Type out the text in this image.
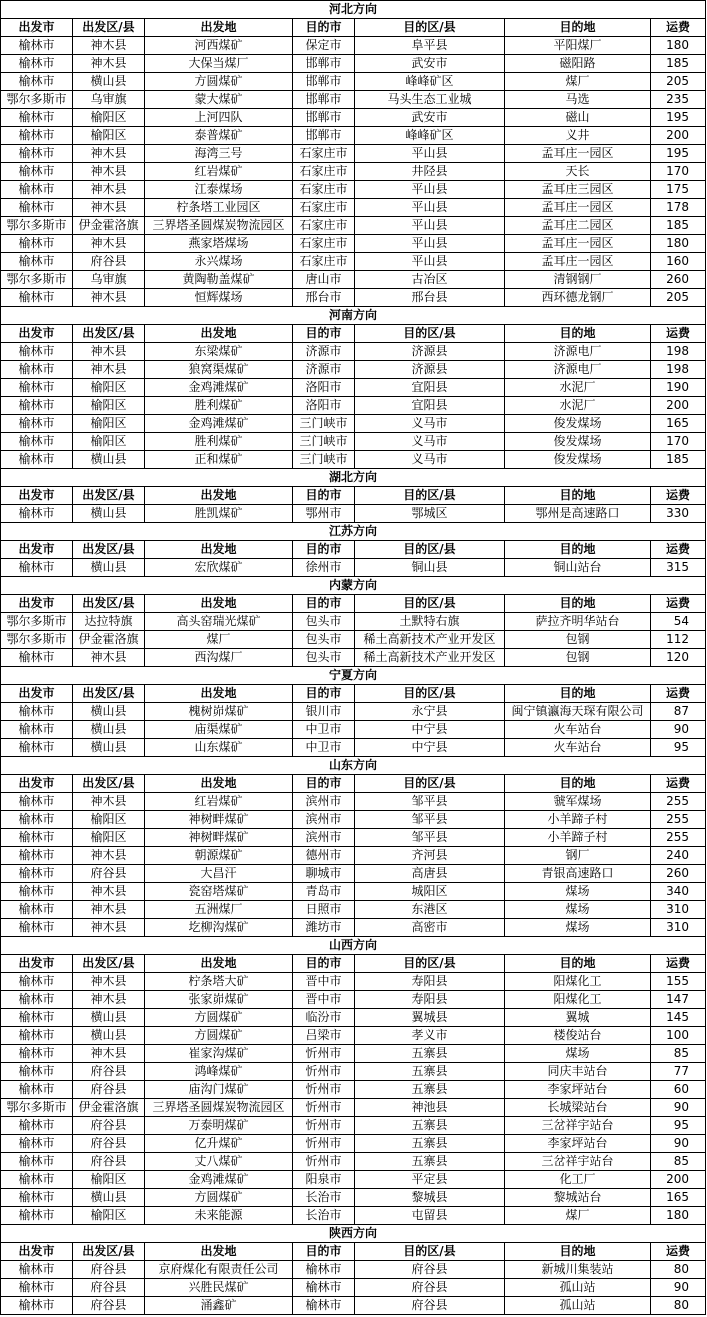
河北方向						
出发市	出发区/县	出发地	目的市	目的区/县	目的地	运费
榆林市	神木县	河西煤矿	保定市	阜平县	平阳煤厂	180
榆林市	神木县	大保当煤厂	邯郸市	武安市	磁阳路	185
榆林市	横山县	方圆煤矿	邯郸市	峰峰矿区	煤厂	205
鄂尔多斯市	乌审旗	蒙大煤矿	邯郸市	马头生态工业城	马选	235
榆林市	榆阳区	上河四队	邯郸市	武安市	磁山	195
榆林市	榆阳区	泰普煤矿	邯郸市	峰峰矿区	义井	200
榆林市	神木县	海湾三号	石家庄市	平山县	孟耳庄一园区	195
榆林市	神木县	红岩煤矿	石家庄市	井陉县	天长	170
榆林市	神木县	江泰煤场	石家庄市	平山县	孟耳庄三园区	175
榆林市	神木县	柠条塔工业园区	石家庄市	平山县	孟耳庄一园区	178
鄂尔多斯市	伊金霍洛旗	三界塔圣圆煤炭物流园区	石家庄市	平山县	孟耳庄二园区	185
榆林市	神木县	燕家塔煤场	石家庄市	平山县	孟耳庄一园区	180
榆林市	府谷县	永兴煤场	石家庄市	平山县	孟耳庄一园区	160
鄂尔多斯市	乌审旗	黄陶勒盖煤矿	唐山市	古冶区	清钢钢厂	260
榆林市	神木县	恒辉煤场	邢台市	邢台县	西环德龙钢厂	205
河南方向						
出发市	出发区/县	出发地	目的市	目的区/县	目的地	运费
榆林市	神木县	东梁煤矿	济源市	济源县	济源电厂	198
榆林市	神木县	狼窝渠煤矿	济源市	济源县	济源电厂	198
榆林市	榆阳区	金鸡滩煤矿	洛阳市	宜阳县	水泥厂	190
榆林市	榆阳区	胜利煤矿	洛阳市	宜阳县	水泥厂	200
榆林市	榆阳区	金鸡滩煤矿	三门峡市	义马市	俊发煤场	165
榆林市	榆阳区	胜利煤矿	三门峡市	义马市	俊发煤场	170
榆林市	横山县	正和煤矿	三门峡市	义马市	俊发煤场	185
湖北方向						
出发市	出发区/县	出发地	目的市	目的区/县	目的地	运费
榆林市	横山县	胜凯煤矿	鄂州市	鄂城区	鄂州是高速路口	330
江苏方向						
出发市	出发区/县	出发地	目的市	目的区/县	目的地	运费
榆林市	横山县	宏欣煤矿	徐州市	铜山县	铜山站台	315
内蒙方向						
出发市	出发区/县	出发地	目的市	目的区/县	目的地	运费
鄂尔多斯市	达拉特旗	高头窑瑞光煤矿	包头市	土默特右旗	萨拉齐明华站台	54
鄂尔多斯市	伊金霍洛旗	煤厂	包头市	稀土高新技术产业开发区	包钢	112
榆林市	神木县	西沟煤厂	包头市	稀土高新技术产业开发区	包钢	120
宁夏方向						
出发市	出发区/县	出发地	目的市	目的区/县	目的地	运费
榆林市	横山县	槐树峁煤矿	银川市	永宁县	闽宁镇瀛海天琛有限公司	87
榆林市	横山县	庙渠煤矿	中卫市	中宁县	火车站台	90
榆林市	横山县	山东煤矿	中卫市	中宁县	火车站台	95
山东方向						
出发市	出发区/县	出发地	目的市	目的区/县	目的地	运费
榆林市	神木县	红岩煤矿	滨州市	邹平县	虢军煤场	255
榆林市	榆阳区	神树畔煤矿	滨州市	邹平县	小羊蹄子村	255
榆林市	榆阳区	神树畔煤矿	滨州市	邹平县	小羊蹄子村	255
榆林市	神木县	朝源煤矿	德州市	齐河县	钢厂	240
榆林市	府谷县	大昌汗	聊城市	高唐县	青银高速路口	260
榆林市	神木县	瓷窑塔煤矿	青岛市	城阳区	煤场	340
榆林市	神木县	五洲煤厂	日照市	东港区	煤场	310
榆林市	神木县	圪柳沟煤矿	潍坊市	高密市	煤场	310
山西方向						
出发市	出发区/县	出发地	目的市	目的区/县	目的地	运费
榆林市	神木县	柠条塔大矿	晋中市	寿阳县	阳煤化工	155
榆林市	神木县	张家峁煤矿	晋中市	寿阳县	阳煤化工	147
榆林市	横山县	方圆煤矿	临汾市	翼城县	翼城	145
榆林市	横山县	方圆煤矿	吕梁市	孝义市	楼俊站台	100
榆林市	神木县	崔家沟煤矿	忻州市	五寨县	煤场	85
榆林市	府谷县	鸿峰煤矿	忻州市	五寨县	同庆丰站台	77
榆林市	府谷县	庙沟门煤矿	忻州市	五寨县	李家坪站台	60
鄂尔多斯市	伊金霍洛旗	三界塔圣圆煤炭物流园区	忻州市	神池县	长城梁站台	90
榆林市	府谷县	万泰明煤矿	忻州市	五寨县	三岔祥宇站台	95
榆林市	府谷县	亿升煤矿	忻州市	五寨县	李家坪站台	90
榆林市	府谷县	丈八煤矿	忻州市	五寨县	三岔祥宇站台	85
榆林市	榆阳区	金鸡滩煤矿	阳泉市	平定县	化工厂	200
榆林市	横山县	方圆煤矿	长治市	黎城县	黎城站台	165
榆林市	榆阳区	未来能源	长治市	屯留县	煤厂	180
陕西方向						
出发市	出发区/县	出发地	目的市	目的区/县	目的地	运费
榆林市	府谷县	京府煤化有限责任公司	榆林市	府谷县	新城川集装站	80
榆林市	府谷县	兴胜民煤矿	榆林市	府谷县	孤山站	90
榆林市	府谷县	涌鑫矿	榆林市	府谷县	孤山站	80
